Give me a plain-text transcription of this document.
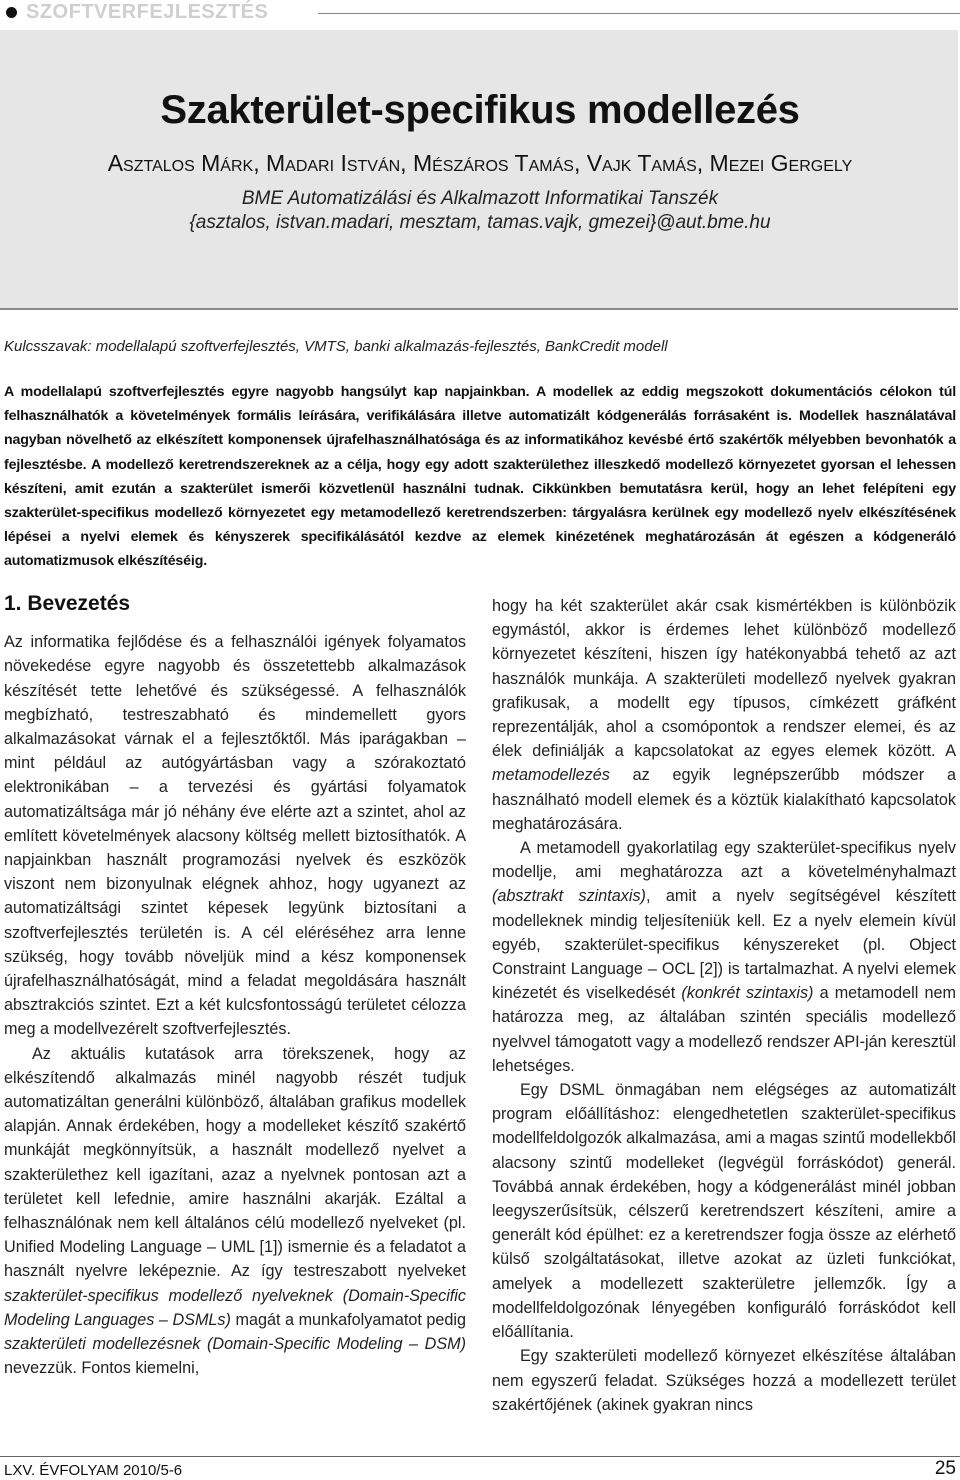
SZOFTVERFEJLESZTÉS
Szakterület-specifikus modellezés
Asztalos Márk, Madari István, Mészáros Tamás, Vajk Tamás, Mezei Gergely
BME Automatizálási és Alkalmazott Informatikai Tanszék
{asztalos, istvan.madari, mesztam, tamas.vajk, gmezei}@aut.bme.hu
Kulcsszavak: modellalapú szoftverfejlesztés, VMTS, banki alkalmazás-fejlesztés, BankCredit modell
A modellalapú szoftverfejlesztés egyre nagyobb hangsúlyt kap napjainkban. A modellek az eddig megszokott dokumentációs célokon túl felhasználhatók a követelmények formális leírására, verifikálására illetve automatizált kódgenerálás forrásaként is. Modellek használatával nagyban növelhető az elkészített komponensek újrafelhasználhatósága és az informatikához kevésbé értő szakértők mélyebben bevonhatók a fejlesztésbe. A modellező keretrendszereknek az a célja, hogy egy adott szakterülethez illeszkedő modellező környezetet gyorsan el lehessen készíteni, amit ezután a szakterület ismerői közvetlenül használni tudnak. Cikkünkben bemutatásra kerül, hogy an lehet felépíteni egy szakterület-specifikus modellező környezetet egy metamodellező keretrendszerben: tárgyalásra kerülnek egy modellező nyelv elkészítésének lépései a nyelvi elemek és kényszerek specifikálásától kezdve az elemek kinézetének meghatározásán át egészen a kódgeneráló automatizmusok elkészítéséig.
1. Bevezetés

Az informatika fejlődése és a felhasználói igények folyamatos növekedése egyre nagyobb és összetettebb alkalmazások készítését tette lehetővé és szükségessé. A felhasználók megbízható, testreszabható és mindemellett gyors alkalmazásokat várnak el a fejlesztőktől. Más iparágakban – mint például az autógyártásban vagy a szórakoztató elektronikában – a tervezési és gyártási folyamatok automatizáltsága már jó néhány éve elérte azt a szintet, ahol az említett követelmények alacsony költség mellett biztosíthatók. A napjainkban használt programozási nyelvek és eszközök viszont nem bizonyulnak elégnek ahhoz, hogy ugyanezt az automatizáltsági szintet képesek legyünk biztosítani a szoftverfejlesztés területén is. A cél eléréséhez arra lenne szükség, hogy tovább növeljük mind a kész komponensek újrafelhasználhatóságát, mind a feladat megoldására használt absztrakciós szintet. Ezt a két kulcsfontosságú területet célozza meg a modellvezérelt szoftverfejlesztés.

Az aktuális kutatások arra törekszenek, hogy az elkészítendő alkalmazás minél nagyobb részét tudjuk automatizáltan generálni különböző, általában grafikus modellek alapján. Annak érdekében, hogy a modelleket készítő szakértő munkáját megkönnyítsük, a használt modellező nyelvet a szakterülethez kell igazítani, azaz a nyelvnek pontosan azt a területet kell lefednie, amire használni akarják. Ezáltal a felhasználónak nem kell általános célú modellező nyelveket (pl. Unified Modeling Language – UML [1]) ismernie és a feladatot a használt nyelvre leképeznie. Az így testreszabott nyelveket szakterület-specifikus modellező nyelveknek (Domain-Specific Modeling Languages – DSMLs) magát a munkafolyamatot pedig szakterületi modellezésnek (Domain-Specific Modeling – DSM) nevezzük. Fontos kiemelni,

hogy ha két szakterület akár csak kismértékben is különbözik egymástól, akkor is érdemes lehet különböző modellező környezetet készíteni, hiszen így hatékonyabbá tehető az azt használók munkája. A szakterületi modellező nyelvek gyakran grafikusak, a modellt egy típusos, címkézett gráfként reprezentálják, ahol a csomópontok a rendszer elemei, és az élek definiálják a kapcsolatokat az egyes elemek között. A metamodellezés az egyik legnépszerűbb módszer a használható modell elemek és a köztük kialakítható kapcsolatok meghatározására.

A metamodell gyakorlatilag egy szakterület-specifikus nyelv modellje, ami meghatározza azt a követelményhalmazt (absztrakt szintaxis), amit a nyelv segítségével készített modelleknek mindig teljesíteniük kell. Ez a nyelv elemein kívül egyéb, szakterület-specifikus kényszereket (pl. Object Constraint Language – OCL [2]) is tartalmazhat. A nyelvi elemek kinézetét és viselkedését (konkrét szintaxis) a metamodell nem határozza meg, az általában szintén speciális modellező nyelvvel támogatott vagy a modellező rendszer API-ján keresztül lehetséges.

Egy DSML önmagában nem elégséges az automatizált program előállításhoz: elengedhetetlen szakterület-specifikus modellfeldolgozók alkalmazása, ami a magas szintű modellekből alacsony szintű modelleket (legvégül forráskódot) generál. Továbbá annak érdekében, hogy a kódgenerálást minél jobban leegyszerűsítsük, célszerű keretrendszert készíteni, amire a generált kód épülhet: ez a keretrendszer fogja össze az elérhető külső szolgáltatásokat, illetve azokat az üzleti funkciókat, amelyek a modellezett szakterületre jellemzők. Így a modellfeldolgozónak lényegében konfiguráló forráskódot kell előállítania.

Egy szakterületi modellező környezet elkészítése általában nem egyszerű feladat. Szükséges hozzá a modellezett terület szakértőjének (akinek gyakran nincs

LXV. ÉVFOLYAM 2010/5-6	25
